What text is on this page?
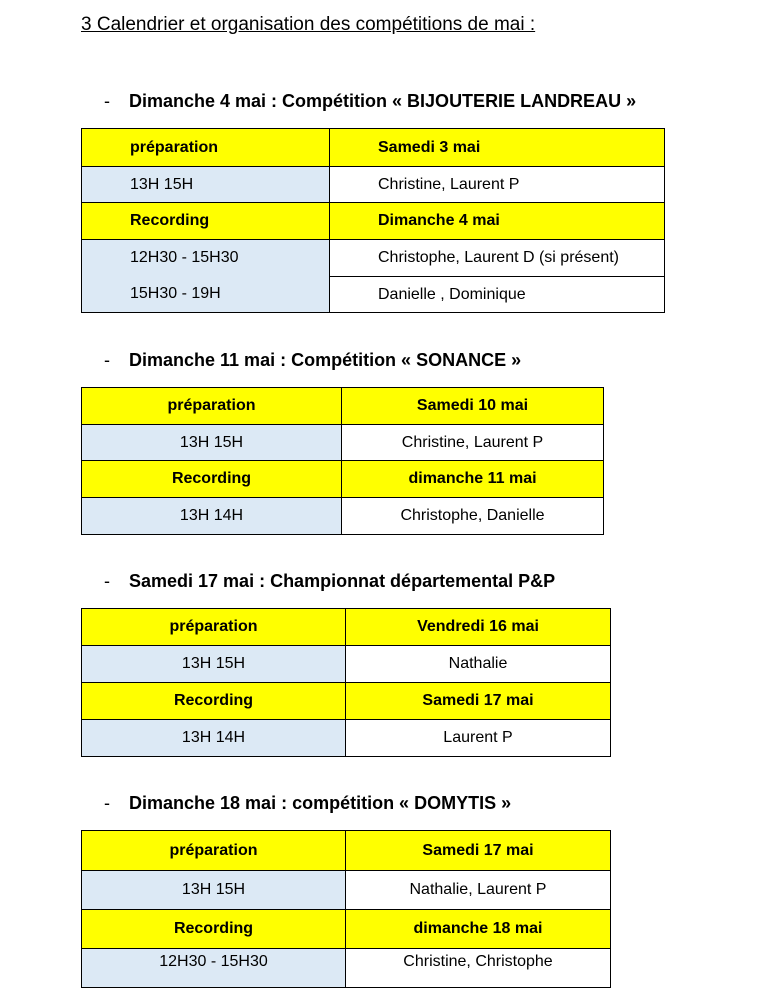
3 Calendrier et organisation des compétitions de mai :
- Dimanche 4 mai : Compétition « BIJOUTERIE LANDREAU »
préparation	Samedi 3 mai
13H 15H	Christine, Laurent P
Recording	Dimanche 4 mai
12H30 - 15H30	Christophe, Laurent D (si présent)
15H30 - 19H	Danielle , Dominique
- Dimanche 11 mai : Compétition « SONANCE »
préparation	Samedi 10 mai
13H 15H	Christine, Laurent P
Recording	dimanche 11 mai
13H 14H	Christophe, Danielle
- Samedi 17 mai : Championnat départemental P&P
préparation	Vendredi 16 mai
13H 15H	Nathalie
Recording	Samedi 17 mai
13H 14H	Laurent P
- Dimanche 18 mai : compétition « DOMYTIS »
préparation	Samedi 17 mai
13H 15H	Nathalie, Laurent P
Recording	dimanche 18 mai
12H30 - 15H30	Christine, Christophe
